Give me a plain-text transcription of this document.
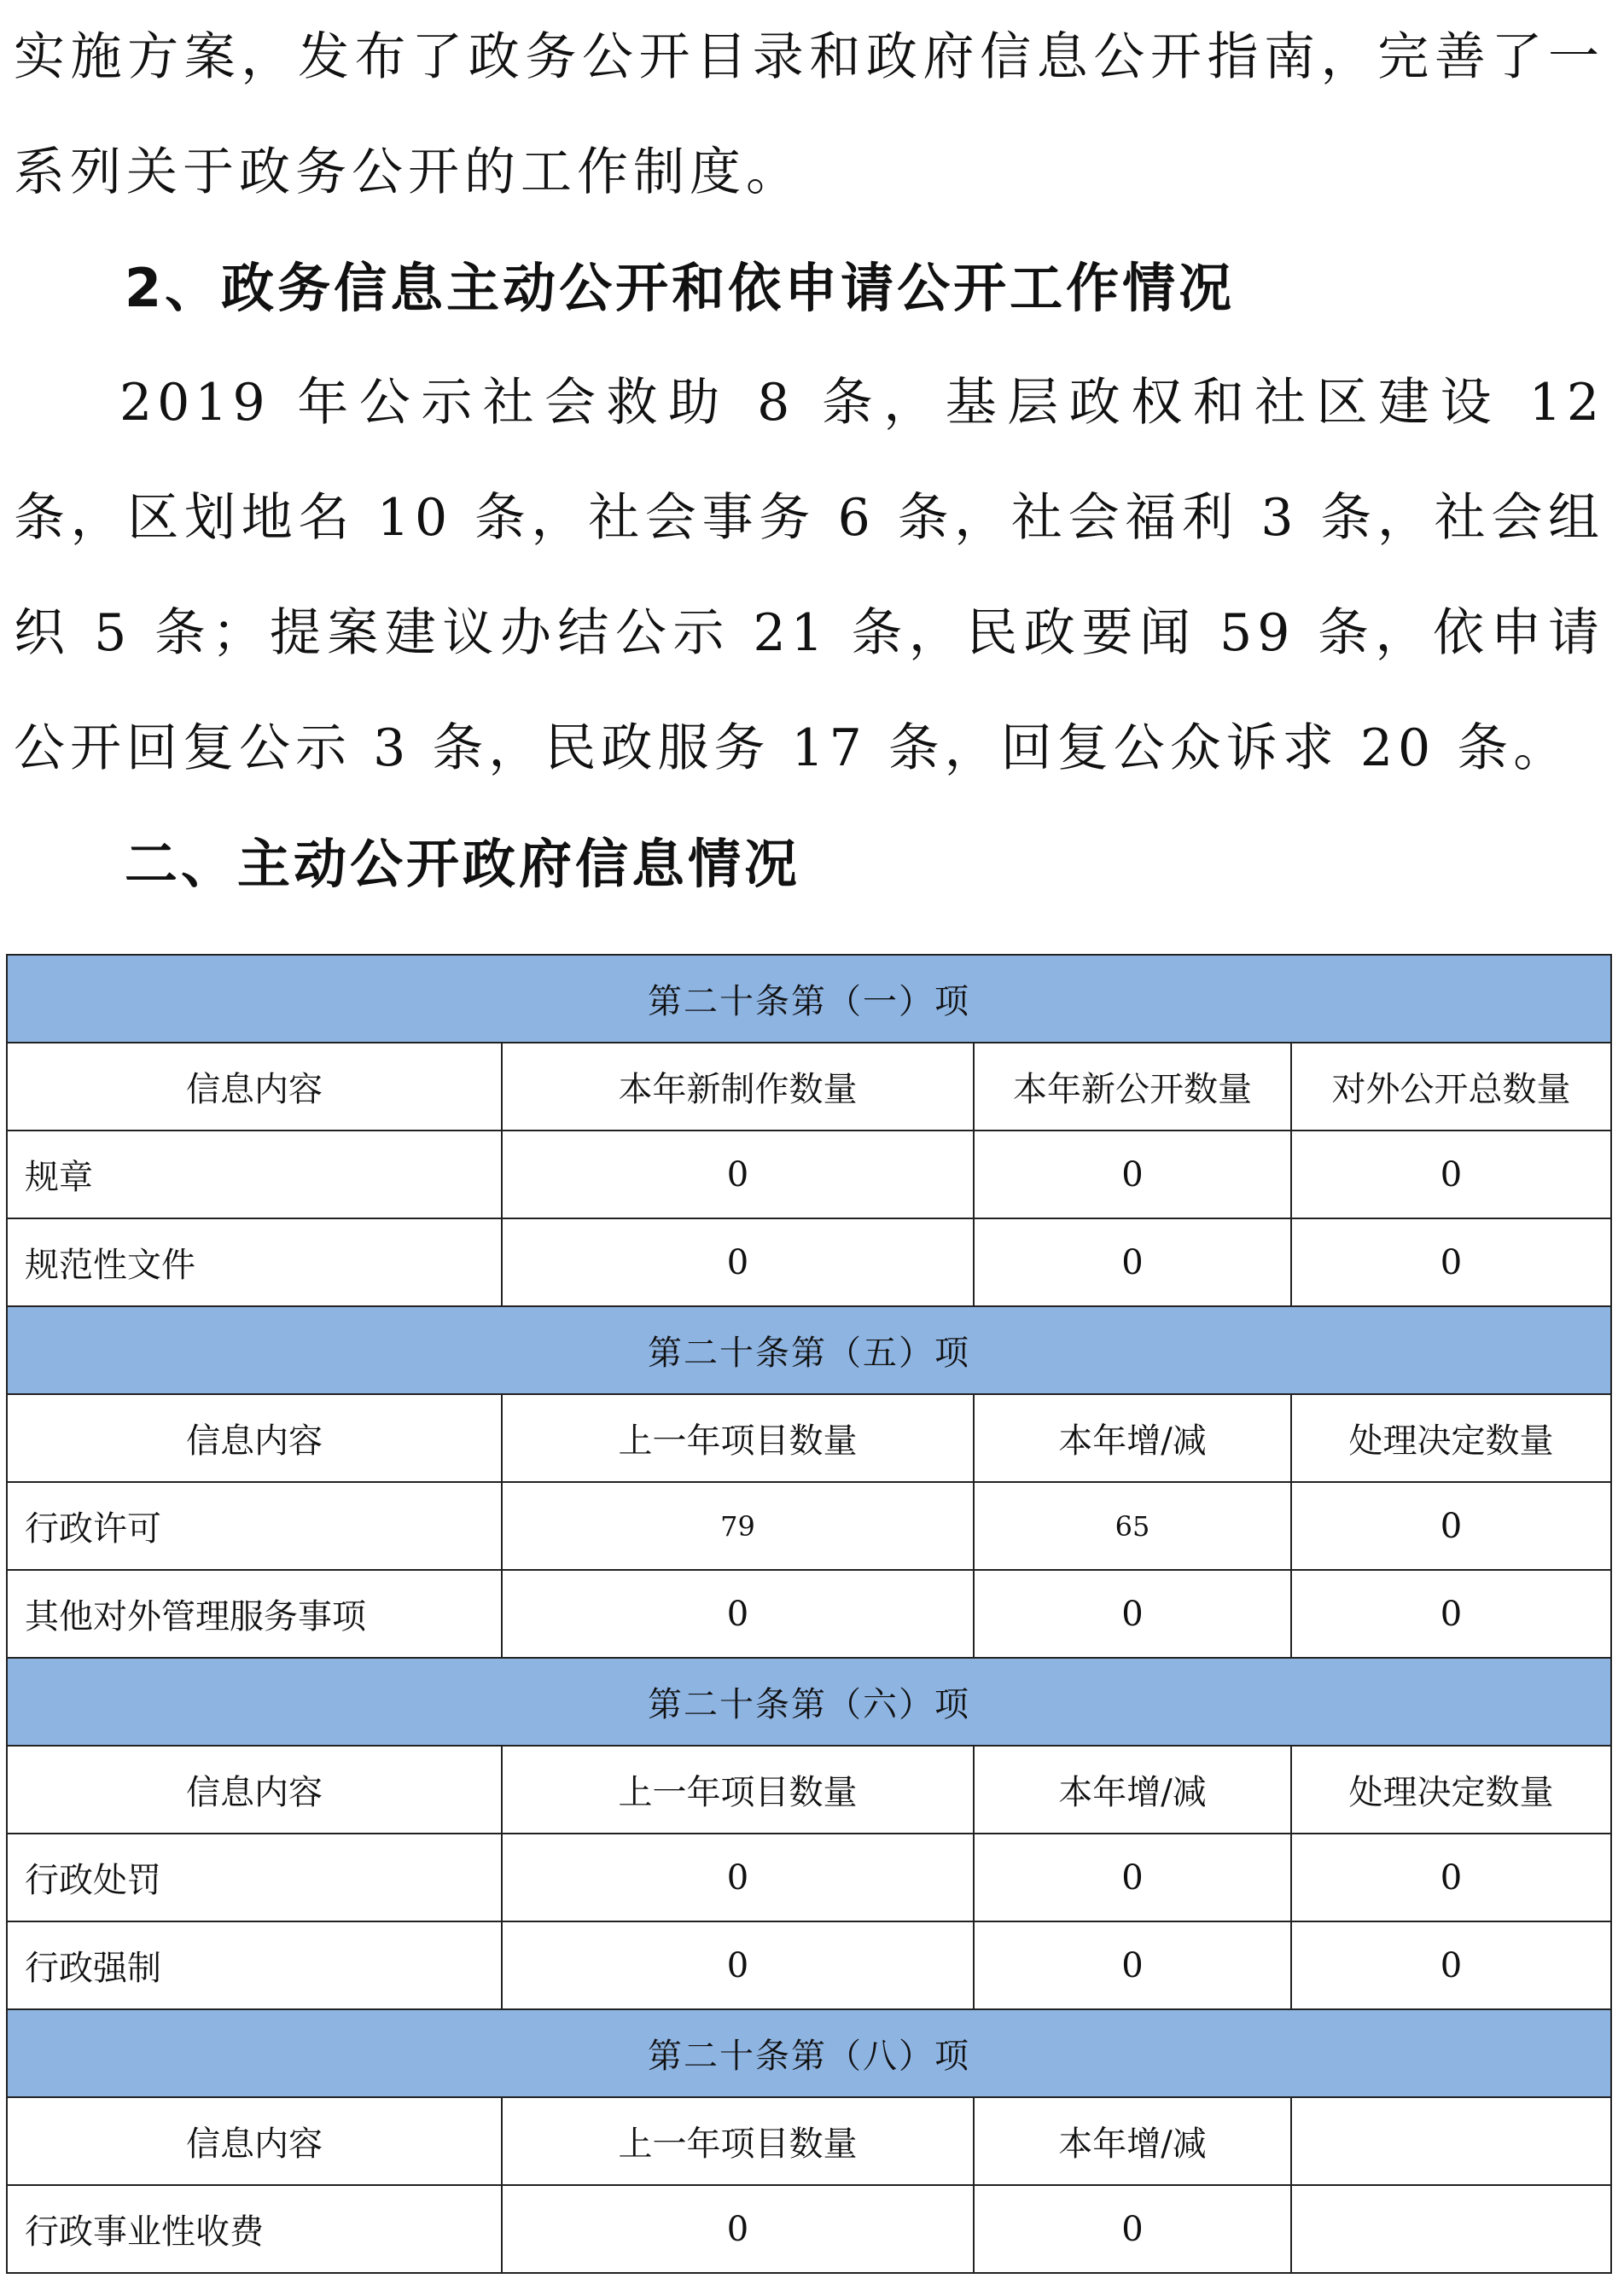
实施方案，发布了政务公开目录和政府信息公开指南，完善了一系列关于政务公开的工作制度。

2、政务信息主动公开和依申请公开工作情况

2019 年公示社会救助 8 条，基层政权和社区建设 12 条，区划地名 10 条，社会事务 6 条，社会福利 3 条，社会组织 5 条；提案建议办结公示 21 条，民政要闻 59 条，依申请公开回复公示 3 条，民政服务 17 条，回复公众诉求 20 条。

二、主动公开政府信息情况

第二十条第（一）项			
信息内容	本年新制作数量	本年新公开数量	对外公开总数量
规章	0	0	0
规范性文件	0	0	0
第二十条第（五）项			
信息内容	上一年项目数量	本年增/减	处理决定数量
行政许可	79	65	0
其他对外管理服务事项	0	0	0
第二十条第（六）项			
信息内容	上一年项目数量	本年增/减	处理决定数量
行政处罚	0	0	0
行政强制	0	0	0
第二十条第（八）项			
信息内容	上一年项目数量	本年增/减	
行政事业性收费	0	0	
